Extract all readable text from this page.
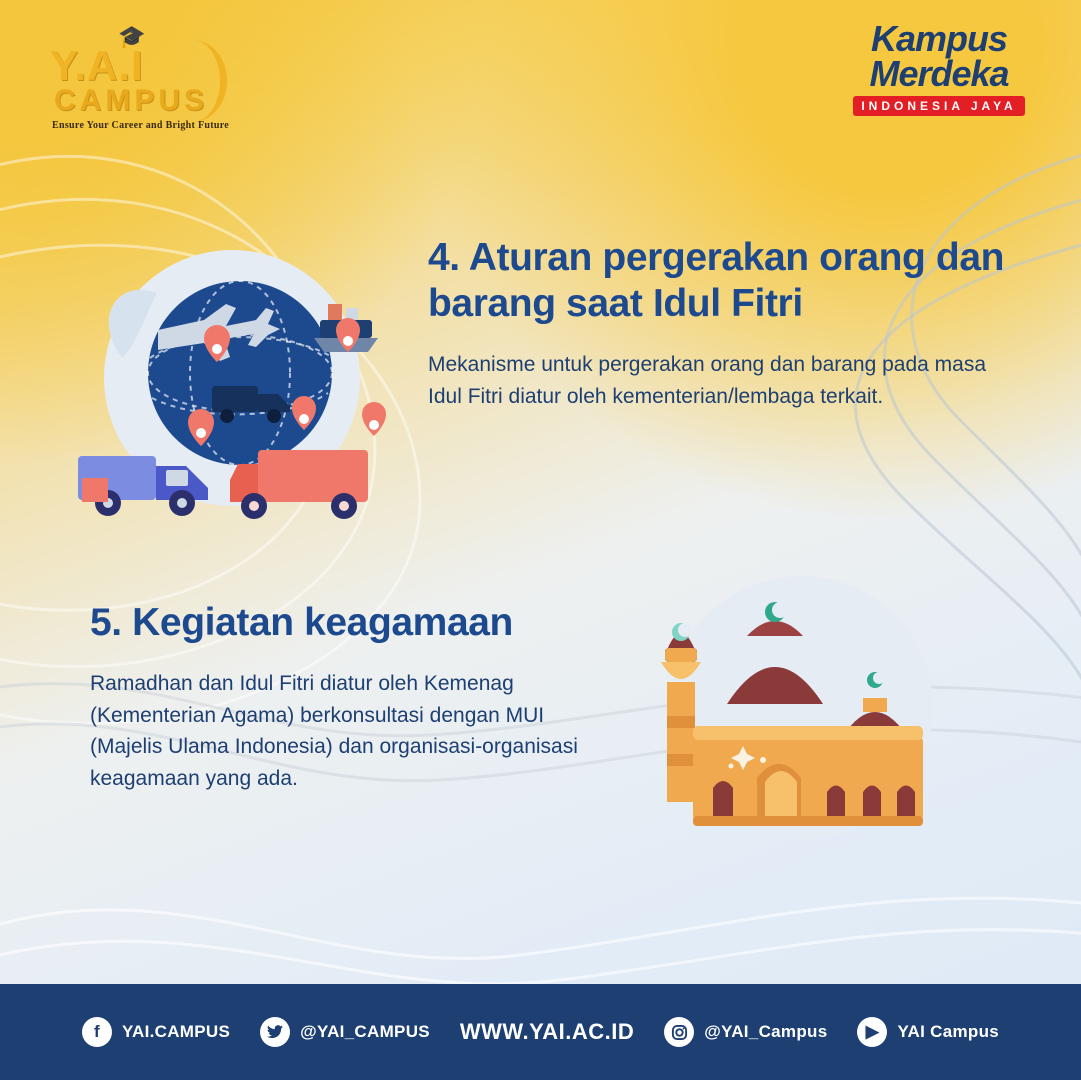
🎓
Y.A.I
CAMPUS
Ensure Your Career and Bright Future
Kampus
Merdeka
INDONESIA JAYA
4. Aturan pergerakan orang dan barang saat Idul Fitri

Mekanisme untuk pergerakan orang dan barang pada masa Idul Fitri diatur oleh kementerian/lembaga terkait.

5. Kegiatan keagamaan

Ramadhan dan Idul Fitri diatur oleh Kemenag (Kementerian Agama) berkonsultasi dengan MUI (Majelis Ulama Indonesia) dan organisasi-organisasi keagamaan yang ada.

f	YAI.CAMPUS	@YAI_CAMPUS WWW.YAI.AC.ID	@YAI_Campus	▶	YAI Campus
